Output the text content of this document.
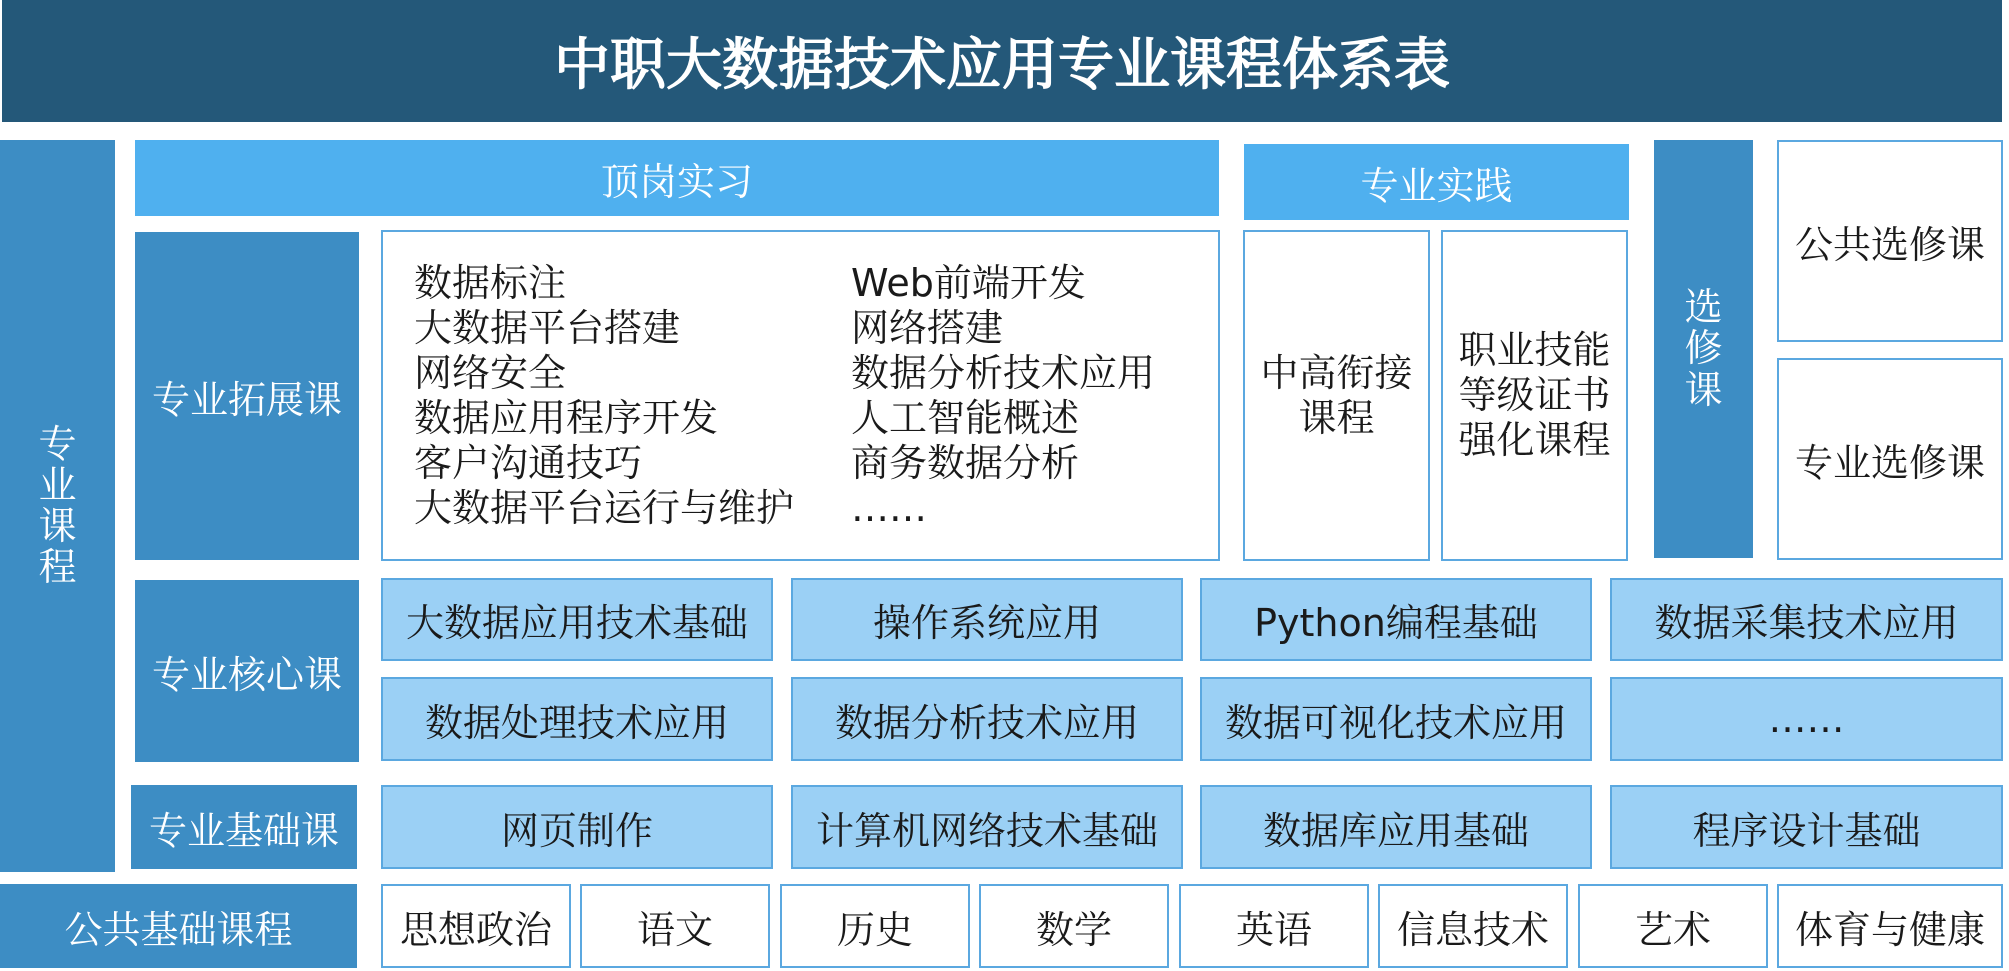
中职大数据技术应用专业课程体系表
专
业
课
程
顶岗实习	专业实践
选
修
课
公共选修课
专业选修课
专业拓展课
数据标注
大数据平台搭建
网络安全
数据应用程序开发
客户沟通技巧
大数据平台运行与维护
Web前端开发
网络搭建
数据分析技术应用
人工智能概述
商务数据分析
……
中高衔接
课程
职业技能
等级证书
强化课程
专业核心课
大数据应用技术基础	操作系统应用	Python编程基础	数据采集技术应用
数据处理技术应用	数据分析技术应用	数据可视化技术应用	……
专业基础课	网页制作	计算机网络技术基础	数据库应用基础	程序设计基础
公共基础课程	思想政治	语文	历史	数学	英语	信息技术	艺术	体育与健康
